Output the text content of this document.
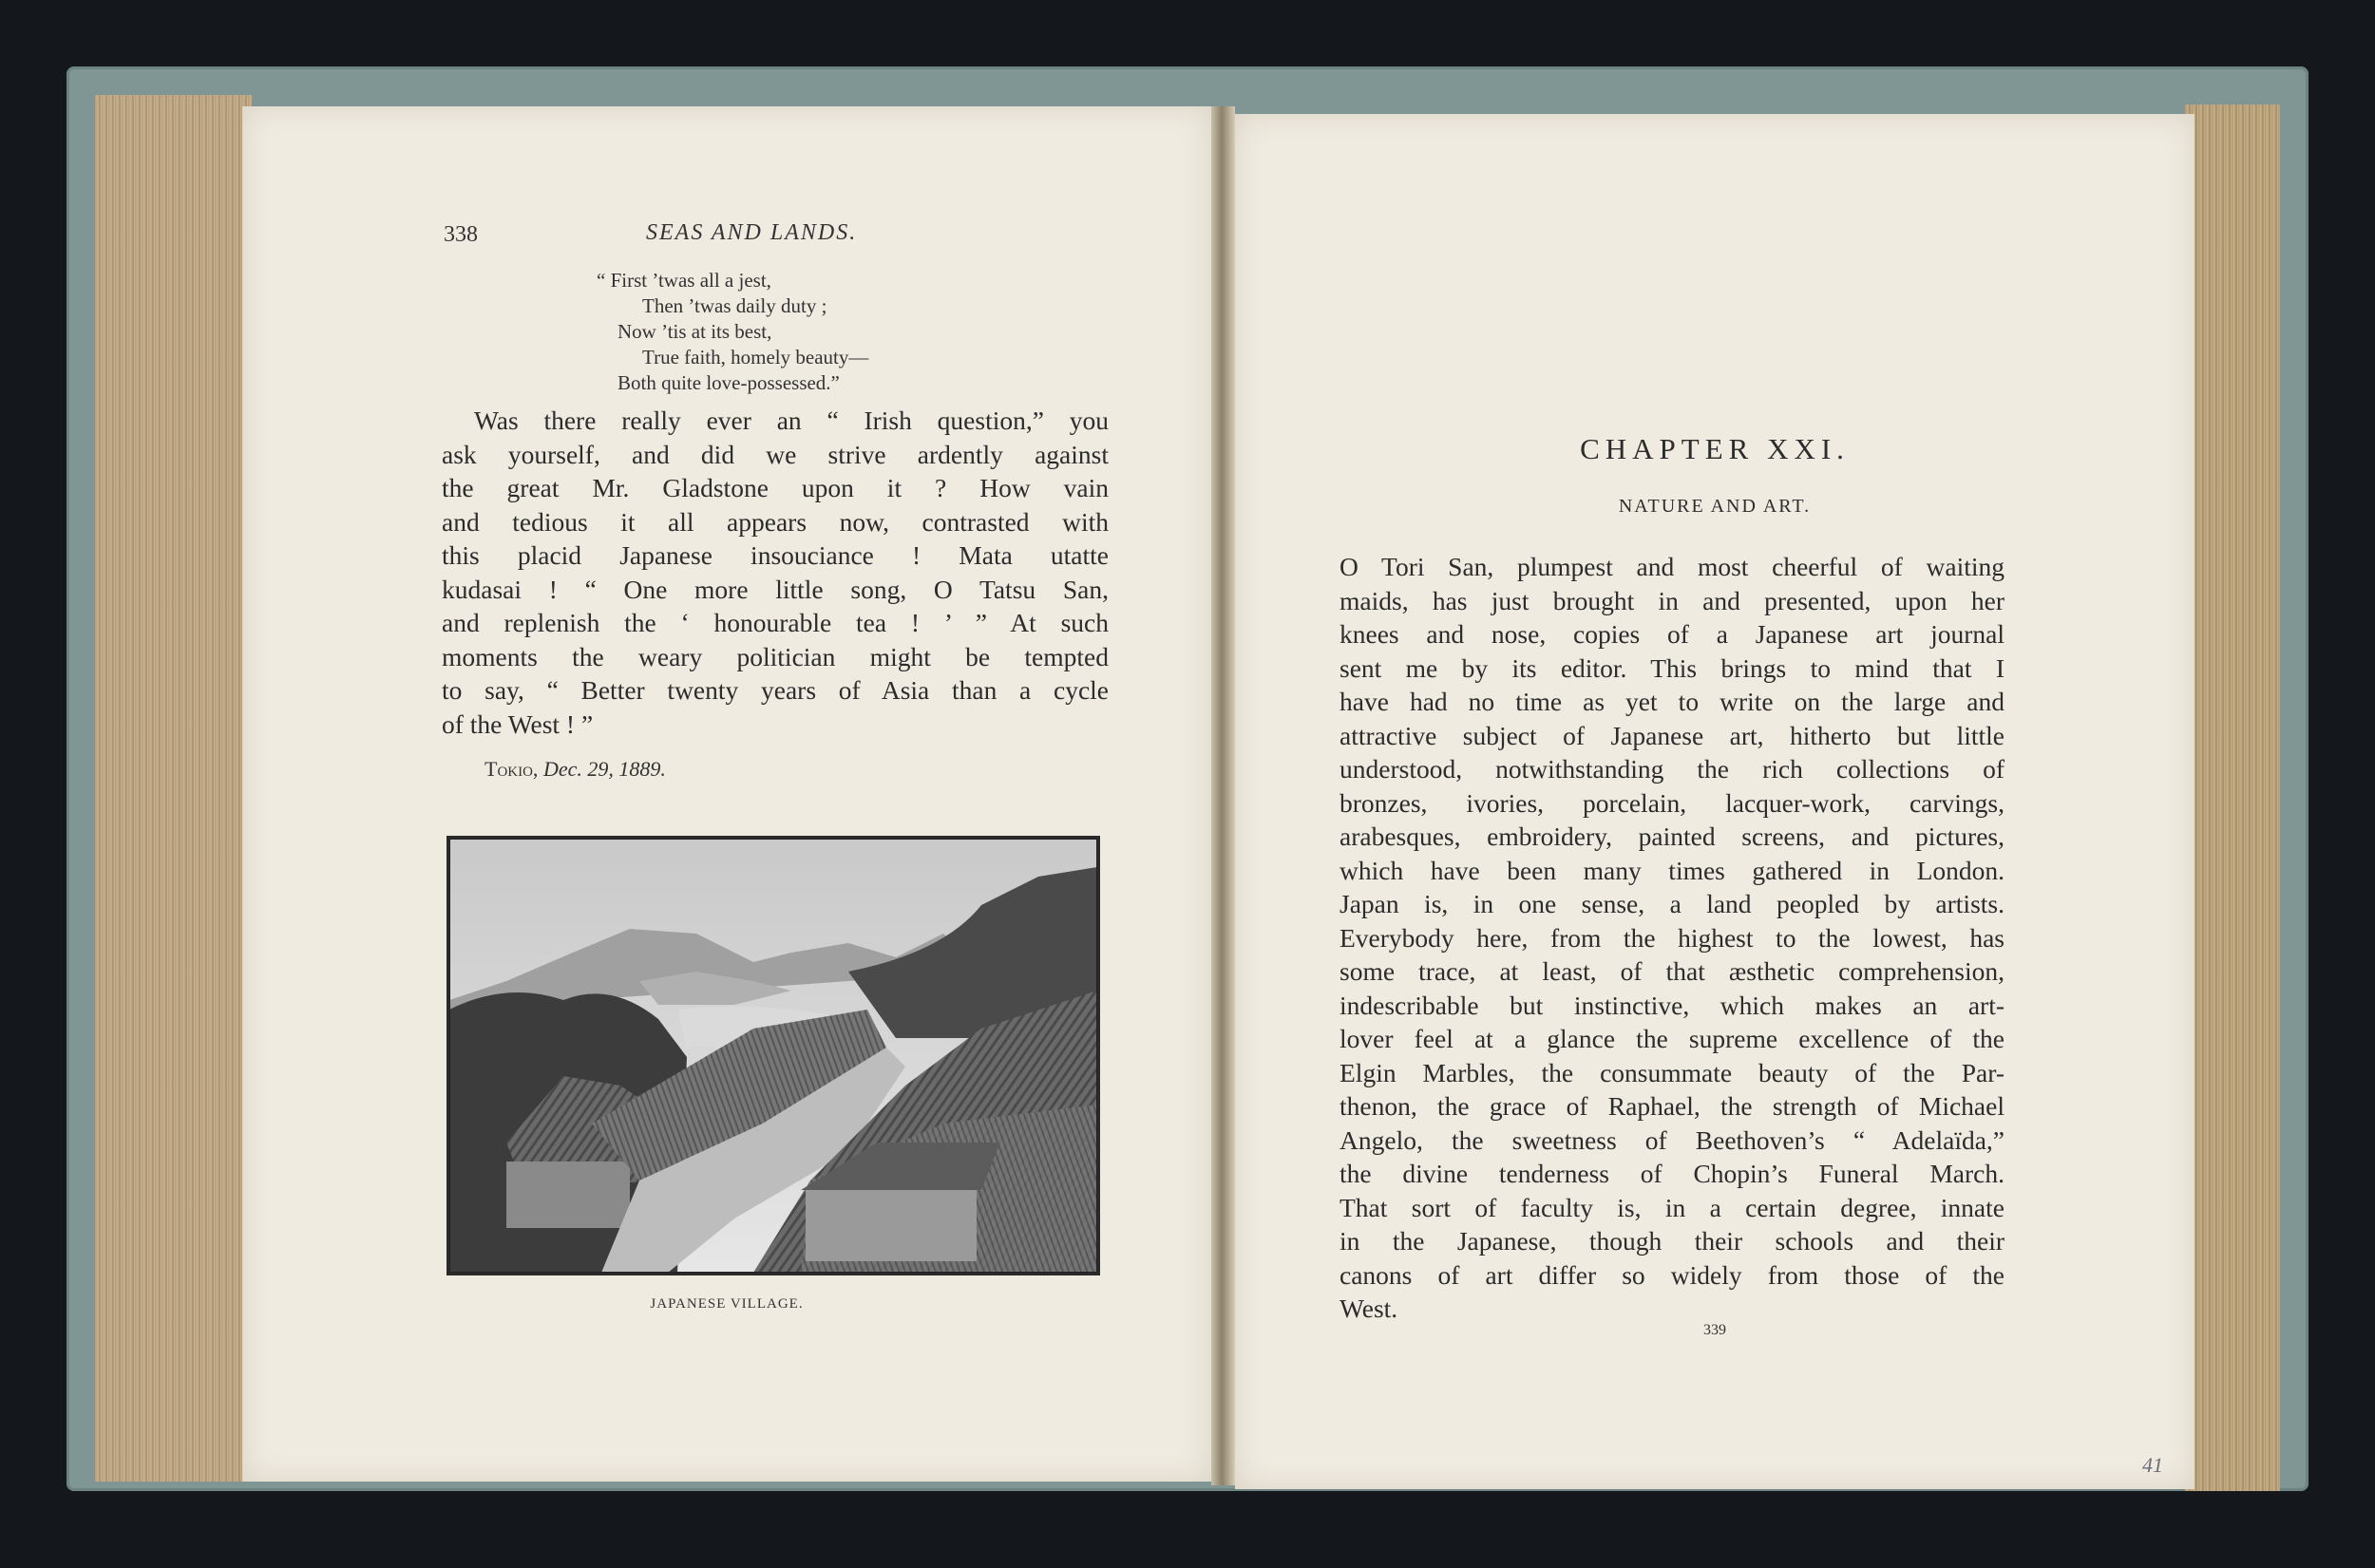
338	SEAS AND LANDS.
“ First ’twas all a jest,
Then ’twas daily duty ;
Now ’tis at its best,
True faith, homely beauty—
Both quite love-possessed.”
Was there really ever an “ Irish question,” you
ask yourself, and did we strive ardently against
the great Mr. Gladstone upon it ? How vain
and tedious it all appears now, contrasted with
this placid Japanese insouciance ! Mata utatte
kudasai ! “ One more little song, O Tatsu San,
and replenish the ‘ honourable tea ! ’ ” At such
moments the weary politician might be tempted
to say, “ Better twenty years of Asia than a cycle
of the West ! ”
Tokio, Dec. 29, 1889.
JAPANESE VILLAGE.
CHAPTER XXI.
NATURE AND ART.
O Tori San, plumpest and most cheerful of waiting
maids, has just brought in and presented, upon her
knees and nose, copies of a Japanese art journal
sent me by its editor. This brings to mind that I
have had no time as yet to write on the large and
attractive subject of Japanese art, hitherto but little
understood, notwithstanding the rich collections of
bronzes, ivories, porcelain, lacquer-work, carvings,
arabesques, embroidery, painted screens, and pictures,
which have been many times gathered in London.
Japan is, in one sense, a land peopled by artists.
Everybody here, from the highest to the lowest, has
some trace, at least, of that æsthetic comprehension,
indescribable but instinctive, which makes an art-
lover feel at a glance the supreme excellence of the
Elgin Marbles, the consummate beauty of the Par-
thenon, the grace of Raphael, the strength of Michael
Angelo, the sweetness of Beethoven’s “ Adelaïda,”
the divine tenderness of Chopin’s Funeral March.
That sort of faculty is, in a certain degree, innate
in the Japanese, though their schools and their
canons of art differ so widely from those of the
West.
339
41
